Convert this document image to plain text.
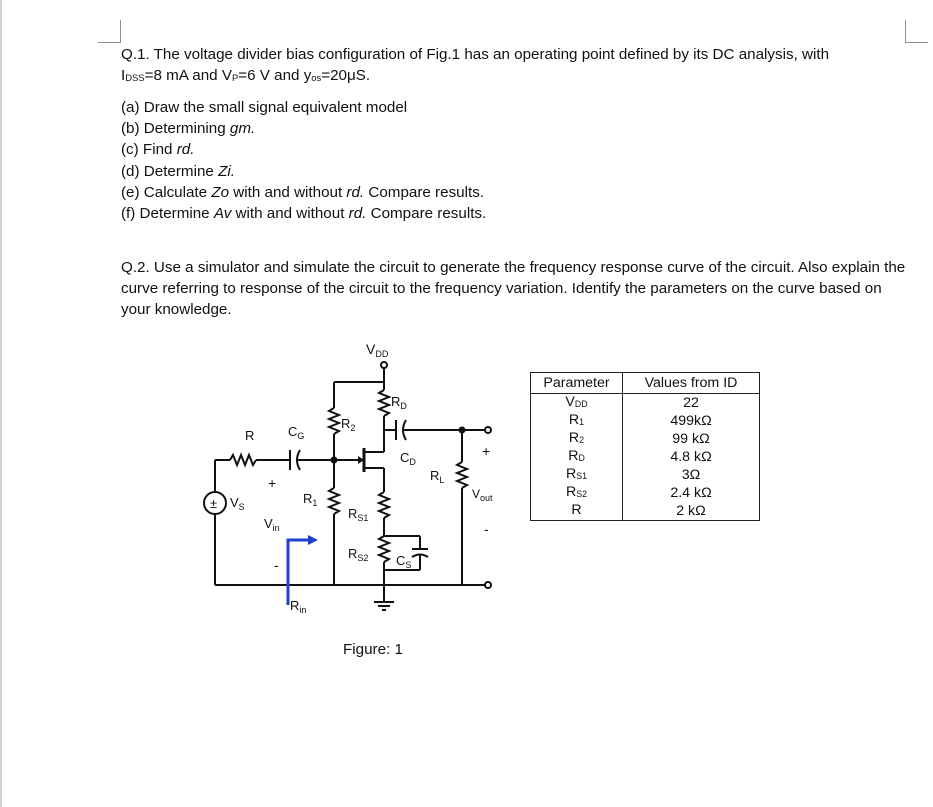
Q.1. The voltage divider bias configuration of Fig.1 has an operating point defined by its DC analysis, with
IDSS=8 mA and VP=6 V and yos=20μS.
(a) Draw the small signal equivalent model
(b) Determining gm.
(c) Find rd.
(d) Determine Zi.
(e) Calculate Zo with and without rd. Compare results.
(f) Determine Av with and without rd. Compare results.
Q.2. Use a simulator and simulate the circuit to generate the frequency response curve of the circuit. Also explain the curve referring to response of the circuit to the frequency variation. Identify the parameters on the curve based on your knowledge.
$V_{DD}$
$R_2$
$R_D$
$C_D$
$R_L$
+
$V_{out}$
-
$R_1$
$R_{S1}$
$R_{S2}$ $C_S$
R	$C_G$
± $V_S$
+
$V_{in}$
-
$R_{in}$
Figure: 1
Parameter	Values from ID
VDD	22
R1	499kΩ
R2	99 kΩ
RD	4.8 kΩ
RS1	3Ω
RS2	2.4 kΩ
R	2 kΩ
